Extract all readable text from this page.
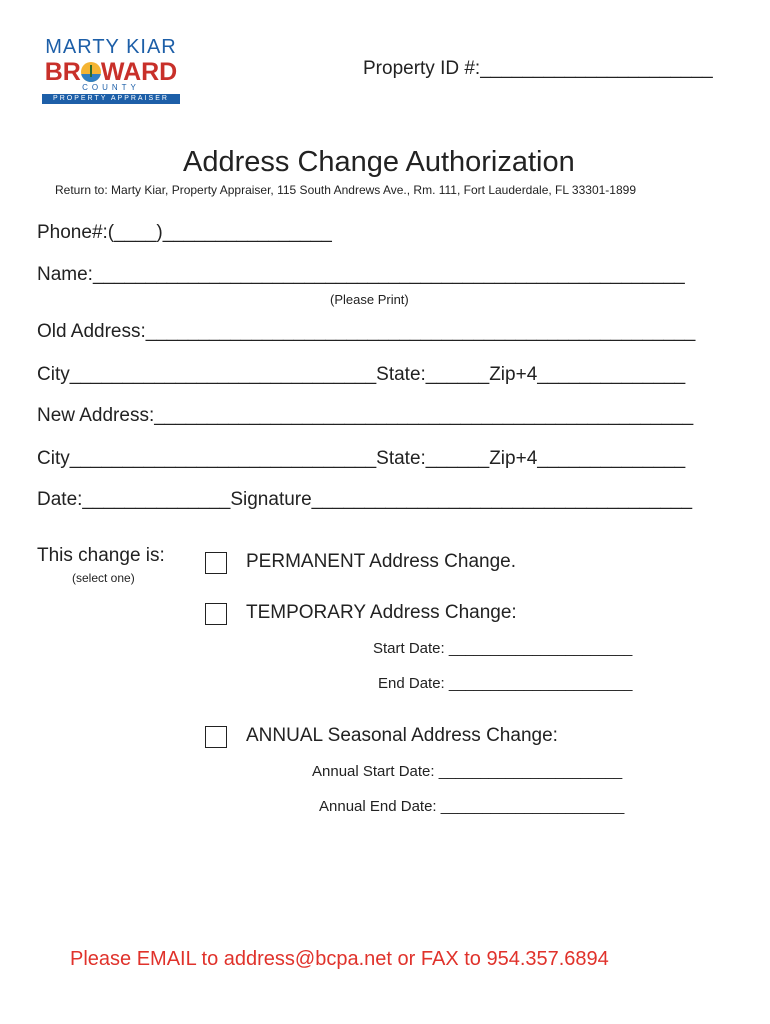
MARTY KIAR
BR WARD
COUNTY
PROPERTY APPRAISER
Property ID #:______________________
Address Change Authorization
Return to: Marty Kiar, Property Appraiser, 115 South Andrews Ave., Rm. 111, Fort Lauderdale, FL 33301-1899
Phone#:(____)________________
Name:________________________________________________________
(Please Print)
Old Address:____________________________________________________
City_____________________________State:______Zip+4______________
New Address:___________________________________________________
City_____________________________State:______Zip+4______________
Date:______________Signature____________________________________
This change is:
(select one)
PERMANENT Address Change.
TEMPORARY Address Change:
Start Date: ______________________
End Date: ______________________
ANNUAL Seasonal Address Change:
Annual Start Date: ______________________
Annual End Date: ______________________
Please EMAIL to address@bcpa.net or FAX to 954.357.6894
